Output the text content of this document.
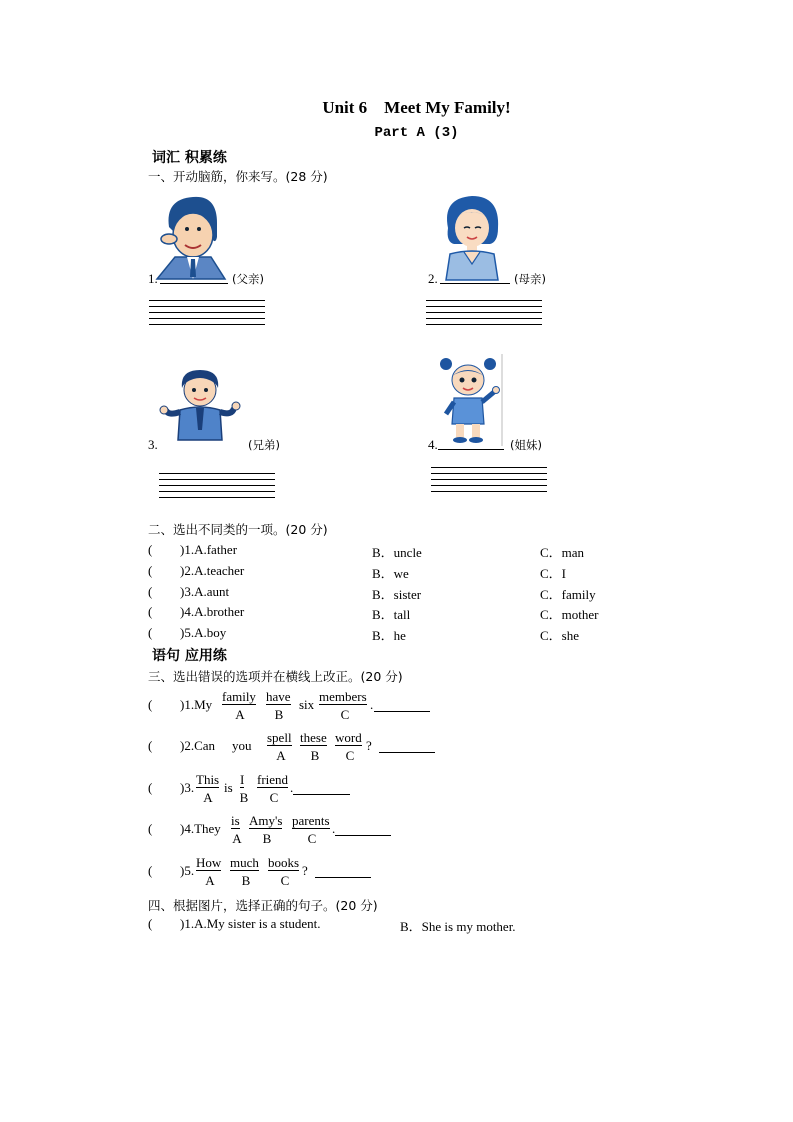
Unit 6　Meet My Family!
Part A (3)
词汇 积累练
一、开动脑筋，你来写。(28 分)
1.	(父亲)	2.	(母亲)
3.	(兄弟)	4.	(姐妹)
二、选出不同类的一项。(20 分)
( )1.A.father	B．uncle	C．man
( )2.A.teacher	B．we	C．I
( )3.A.aunt	B．sister	C．family
( )4.A.brother	B．tall	C．mother
( )5.A.boy	B．he	C．she
语句 应用练
三、选出错误的选项并在横线上改正。(20 分)
( )1.My
family
A
have
B
six
members
C
.
( )2.Can you
spell
A
these
B
word
C
?
( )3.
This
A
is
I
B
friend
C
.
( )4.They
is
A
Amy's
B
parents
C
.
( )5.
How
A
much
B
books
C
?
四、根据图片，选择正确的句子。(20 分)
( )1.A.My sister is a student.	B．She is my mother.
